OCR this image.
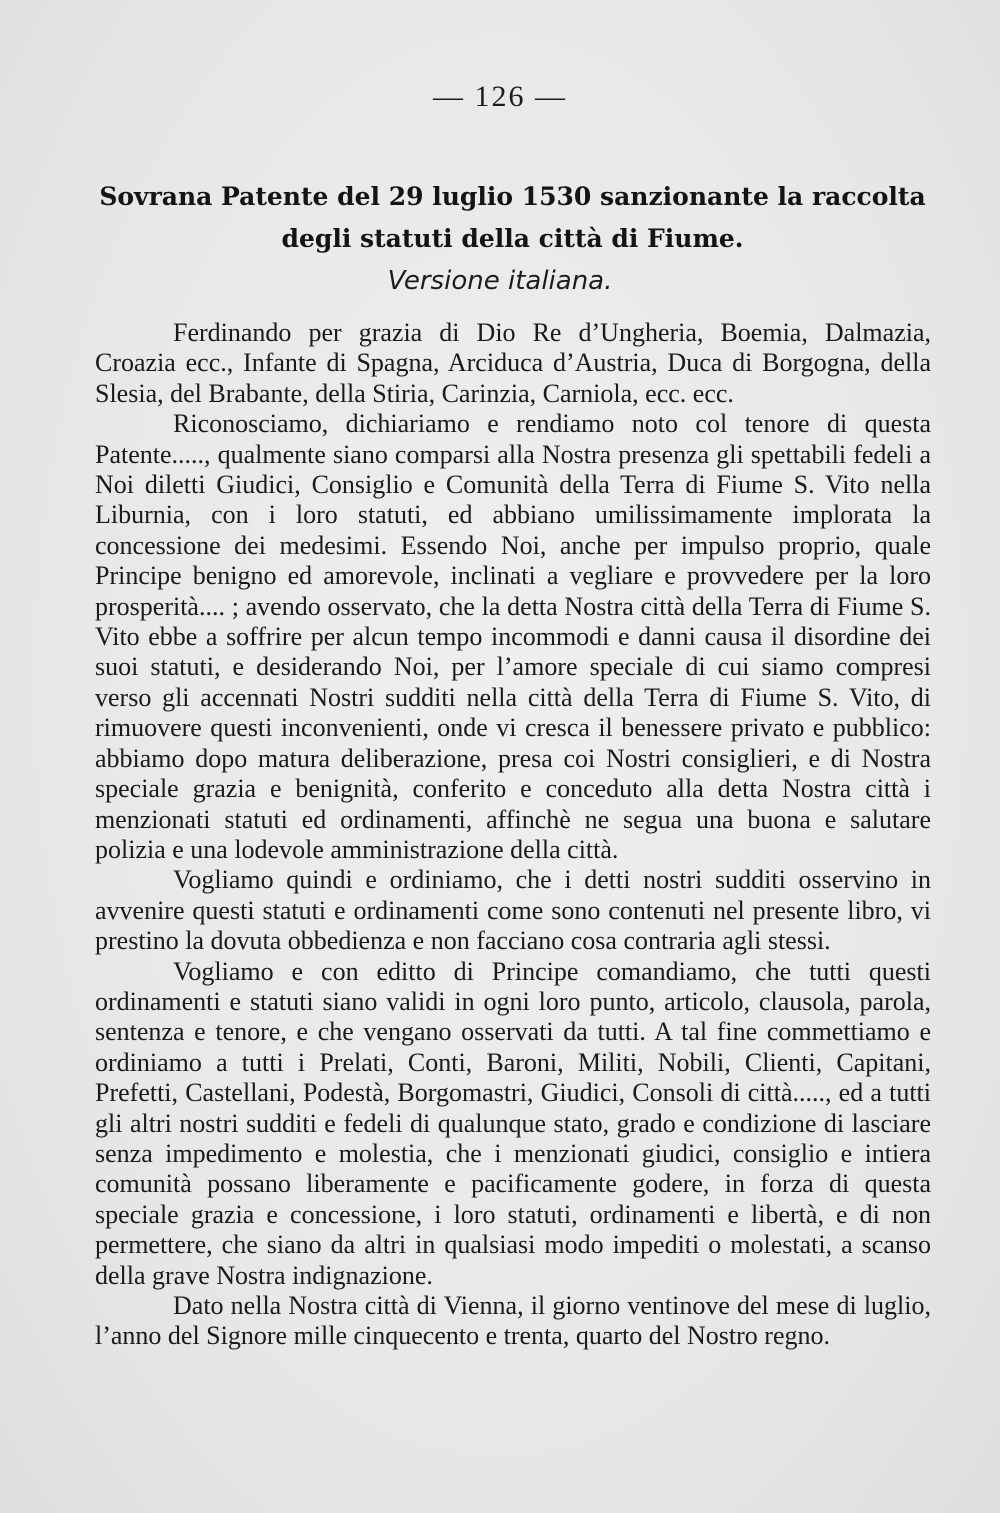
— 126 —
Sovrana Patente del 29 luglio 1530 sanzionante la raccolta degli statuti della città di Fiume.
Versione italiana.

Ferdinando per grazia di Dio Re d’Ungheria, Boemia, Dalmazia, Croazia ecc., Infante di Spagna, Arciduca d’Austria, Duca di Borgogna, della Slesia, del Brabante, della Stiria, Carinzia, Carniola, ecc. ecc.

Riconosciamo, dichiariamo e rendiamo noto col tenore di questa Patente....., qualmente siano comparsi alla Nostra presenza gli spettabili fedeli a Noi diletti Giudici, Consiglio e Comunità della Terra di Fiume S. Vito nella Liburnia, con i loro statuti, ed abbiano umilissimamente implorata la concessione dei medesimi. Essendo Noi, anche per impulso proprio, quale Principe benigno ed amorevole, inclinati a vegliare e provvedere per la loro prosperità.... ; avendo osservato, che la detta Nostra città della Terra di Fiume S. Vito ebbe a soffrire per alcun tempo incommodi e danni causa il disordine dei suoi statuti, e desiderando Noi, per l’amore speciale di cui siamo compresi verso gli accennati Nostri sudditi nella città della Terra di Fiume S. Vito, di rimuovere questi inconvenienti, onde vi cresca il benessere privato e pubblico: abbiamo dopo matura deliberazione, presa coi Nostri consiglieri, e di Nostra speciale grazia e benignità, conferito e conceduto alla detta Nostra città i menzionati statuti ed ordinamenti, affinchè ne segua una buona e salutare polizia e una lodevole amministrazione della città.

Vogliamo quindi e ordiniamo, che i detti nostri sudditi osservino in avvenire questi statuti e ordinamenti come sono contenuti nel presente libro, vi prestino la dovuta obbedienza e non facciano cosa contraria agli stessi.

Vogliamo e con editto di Principe comandiamo, che tutti questi ordinamenti e statuti siano validi in ogni loro punto, articolo, clausola, parola, sentenza e tenore, e che vengano osservati da tutti. A tal fine commettiamo e ordiniamo a tutti i Prelati, Conti, Baroni, Militi, Nobili, Clienti, Capitani, Prefetti, Castellani, Podestà, Borgomastri, Giudici, Consoli di città....., ed a tutti gli altri nostri sudditi e fedeli di qualunque stato, grado e condizione di lasciare senza impedimento e molestia, che i menzionati giudici, consiglio e intiera comunità possano liberamente e pacificamente godere, in forza di questa speciale grazia e concessione, i loro statuti, ordinamenti e libertà, e di non permettere, che siano da altri in qualsiasi modo impediti o molestati, a scanso della grave Nostra indignazione.

Dato nella Nostra città di Vienna, il giorno ventinove del mese di luglio, l’anno del Signore mille cinquecento e trenta, quarto del Nostro regno.
